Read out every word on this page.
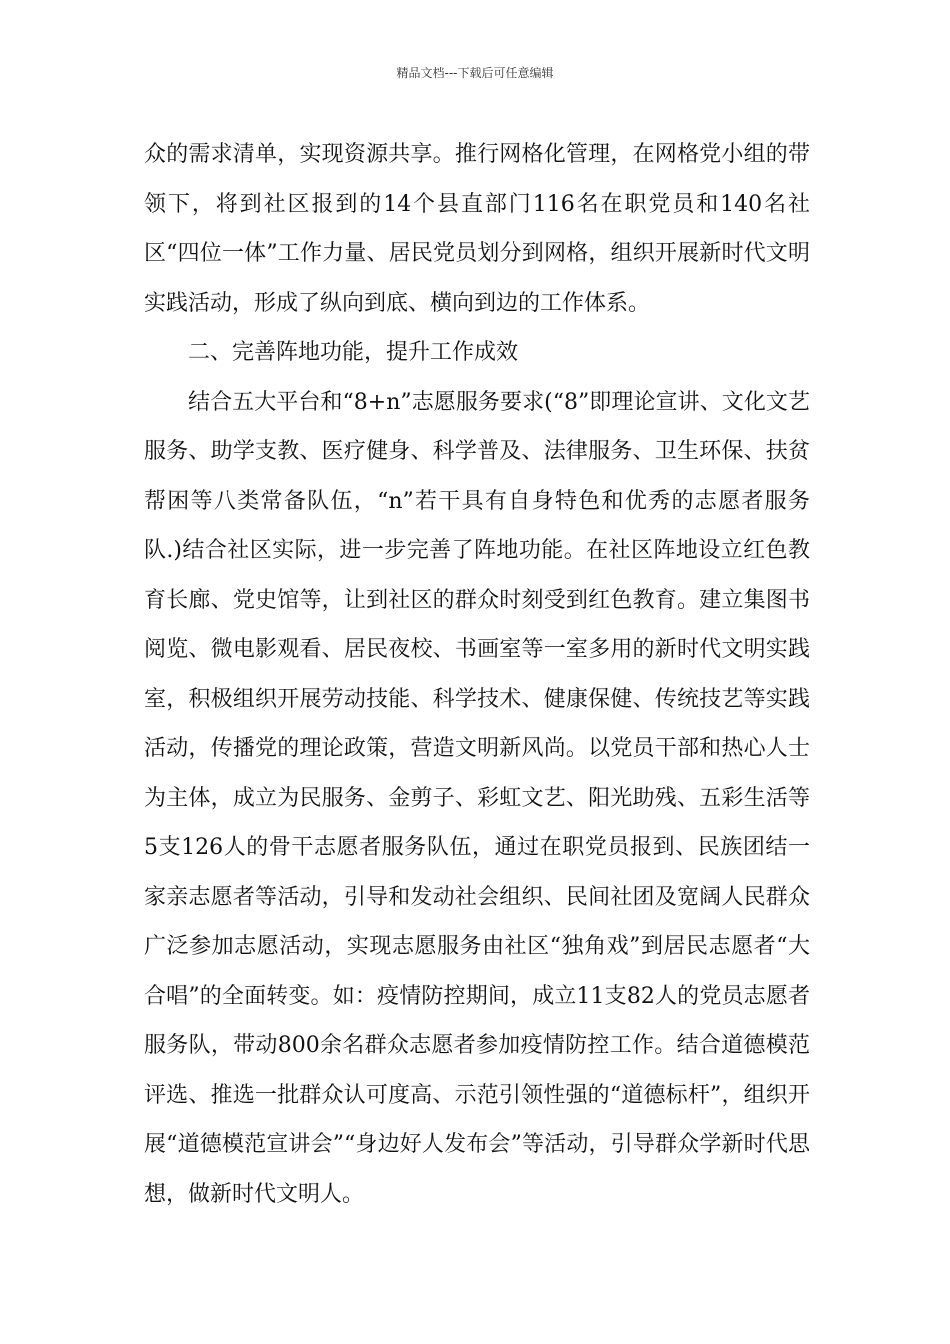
精品文档---下载后可任意编辑

众的需求清单，实现资源共享。推行网格化管理，在网格党小组的带领下，将到社区报到的14个县直部门116名在职党员和140名社区“四位一体”工作力量、居民党员划分到网格，组织开展新时代文明实践活动，形成了纵向到底、横向到边的工作体系。

二、完善阵地功能，提升工作成效

结合五大平台和“8+n”志愿服务要求(“8”即理论宣讲、文化文艺服务、助学支教、医疗健身、科学普及、法律服务、卫生环保、扶贫帮困等八类常备队伍，“n”若干具有自身特色和优秀的志愿者服务队.)结合社区实际，进一步完善了阵地功能。在社区阵地设立红色教育长廊、党史馆等，让到社区的群众时刻受到红色教育。建立集图书阅览、微电影观看、居民夜校、书画室等一室多用的新时代文明实践室，积极组织开展劳动技能、科学技术、健康保健、传统技艺等实践活动，传播党的理论政策，营造文明新风尚。以党员干部和热心人士为主体，成立为民服务、金剪子、彩虹文艺、阳光助残、五彩生活等5支126人的骨干志愿者服务队伍，通过在职党员报到、民族团结一家亲志愿者等活动，引导和发动社会组织、民间社团及宽阔人民群众广泛参加志愿活动，实现志愿服务由社区“独角戏”到居民志愿者“大合唱”的全面转变。如：疫情防控期间，成立11支82人的党员志愿者服务队，带动800余名群众志愿者参加疫情防控工作。结合道德模范评选、推选一批群众认可度高、示范引领性强的“道德标杆”，组织开展“道德模范宣讲会”“身边好人发布会”等活动，引导群众学新时代思想，做新时代文明人。
